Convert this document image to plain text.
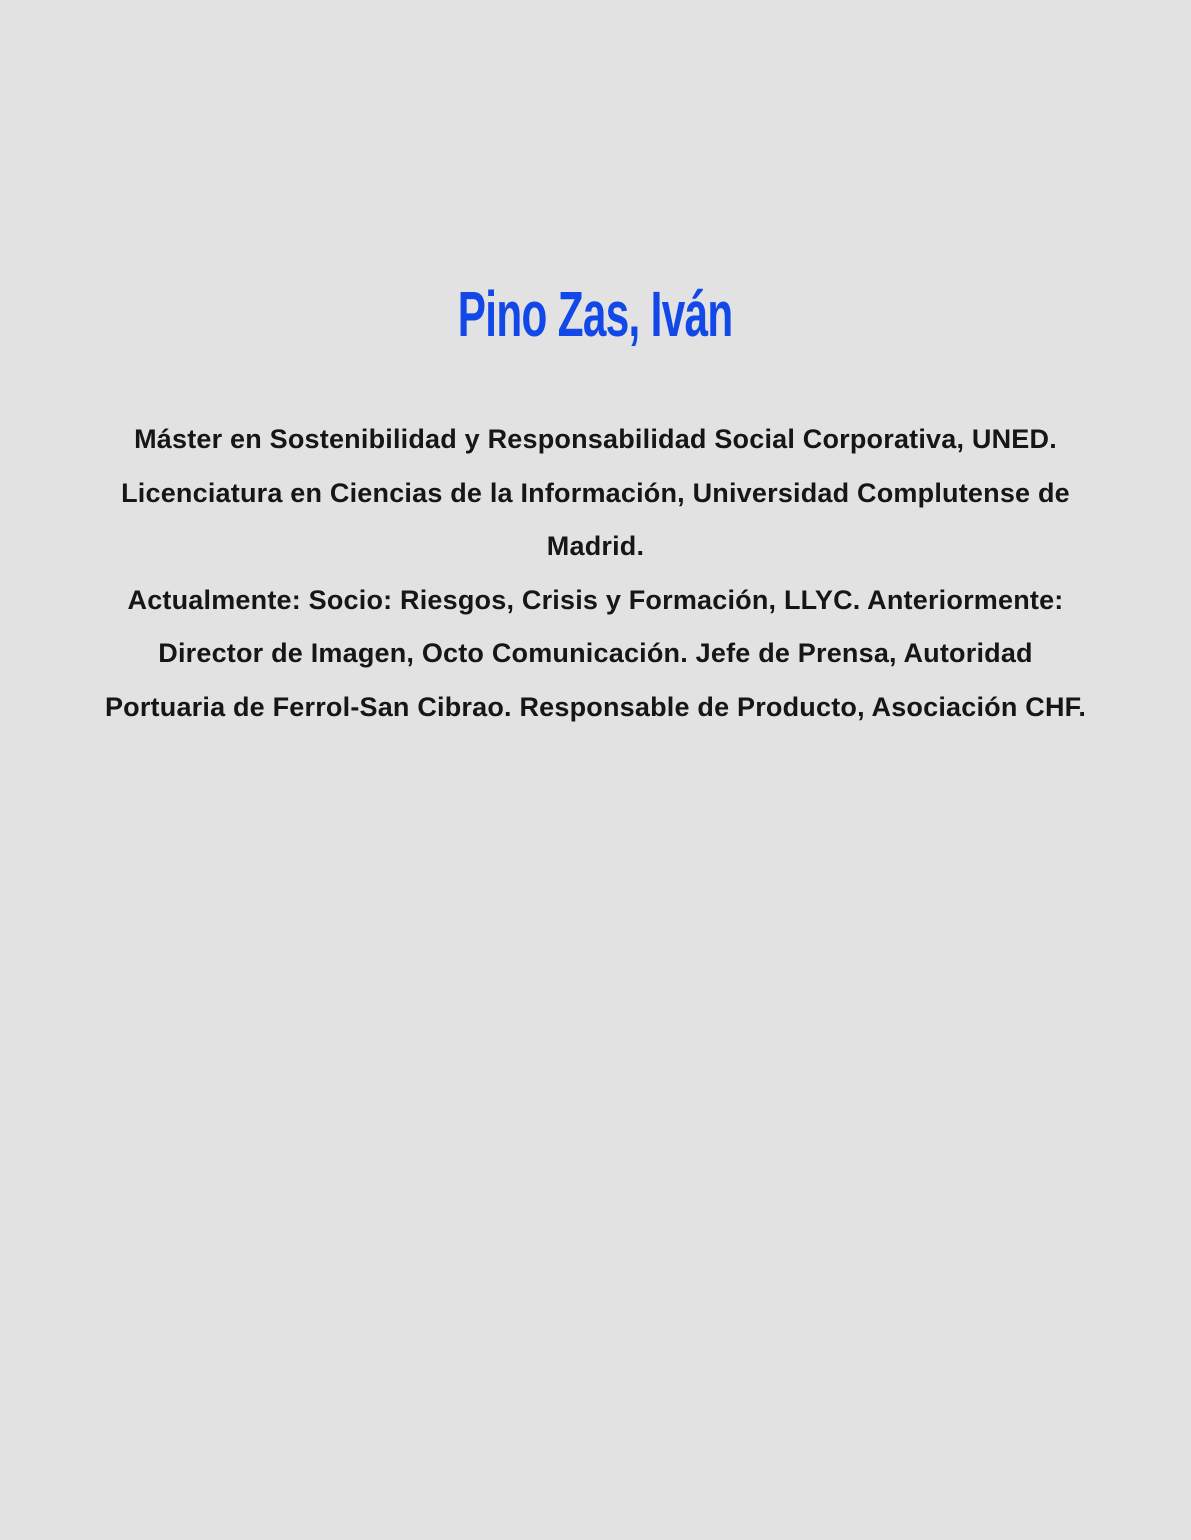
Pino Zas, Iván

Máster en Sostenibilidad y Responsabilidad Social Corporativa, UNED.

Licenciatura en Ciencias de la Información, Universidad Complutense de

Madrid.

Actualmente: Socio: Riesgos, Crisis y Formación, LLYC. Anteriormente:

Director de Imagen, Octo Comunicación. Jefe de Prensa, Autoridad

Portuaria de Ferrol-San Cibrao. Responsable de Producto, Asociación CHF.
